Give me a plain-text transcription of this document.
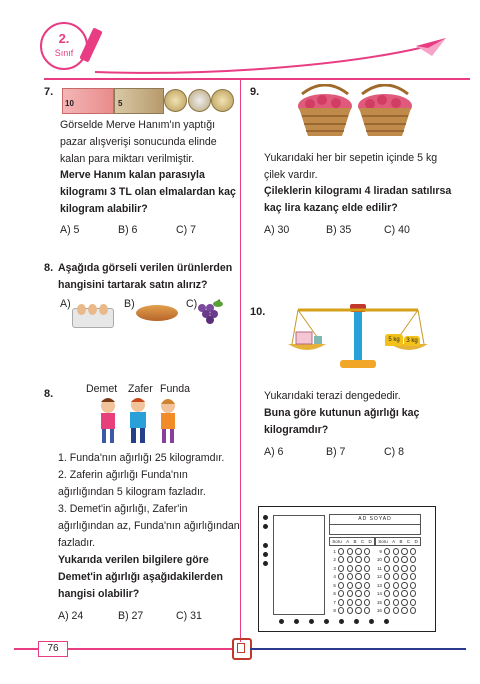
2.
Sınıf
7.
10	5
Görselde Merve Hanım'ın yaptığı pazar alışverişi sonucunda elinde kalan para miktarı verilmiştir.
Merve Hanım kalan parasıyla kilogramı 3 TL olan elmalardan kaç kilogram alabilir?
A) 5	B) 6	C) 7
8. Aşağıda görseli verilen ürünlerden hangisini tartarak satın alırız?
A)	B)	C)
8.	Demet Zafer Funda
1. Funda'nın ağırlığı 25 kilogramdır.
2. Zaferin ağırlığı Funda'nın ağırlığından 5 kilogram fazladır.
3. Demet'in ağırlığı, Zafer'in ağırlığından az, Funda'nın ağırlığından fazladır.
Yukarıda verilen bilgilere göre Demet'in ağırlığı aşağıdakilerden hangisi olabilir?
A) 24	B) 27	C) 31
9.
Yukarıdaki her bir sepetin içinde 5 kg çilek vardır.
Çileklerin kilogramı 4 liradan satılırsa kaç lira kazanç elde edilir?
A) 30	B) 35	C) 40
10.
5 kg	3 kg
Yukarıdaki terazi dengededir.
Buna göre kutunun ağırlığı kaç kilogramdır?
A) 6	B) 7	C) 8
AD SOYAD
Soru A B C D Soru A B C D
1
2
3
4
5
6
7
8
9
10
11
12
13
14
15
16
76
